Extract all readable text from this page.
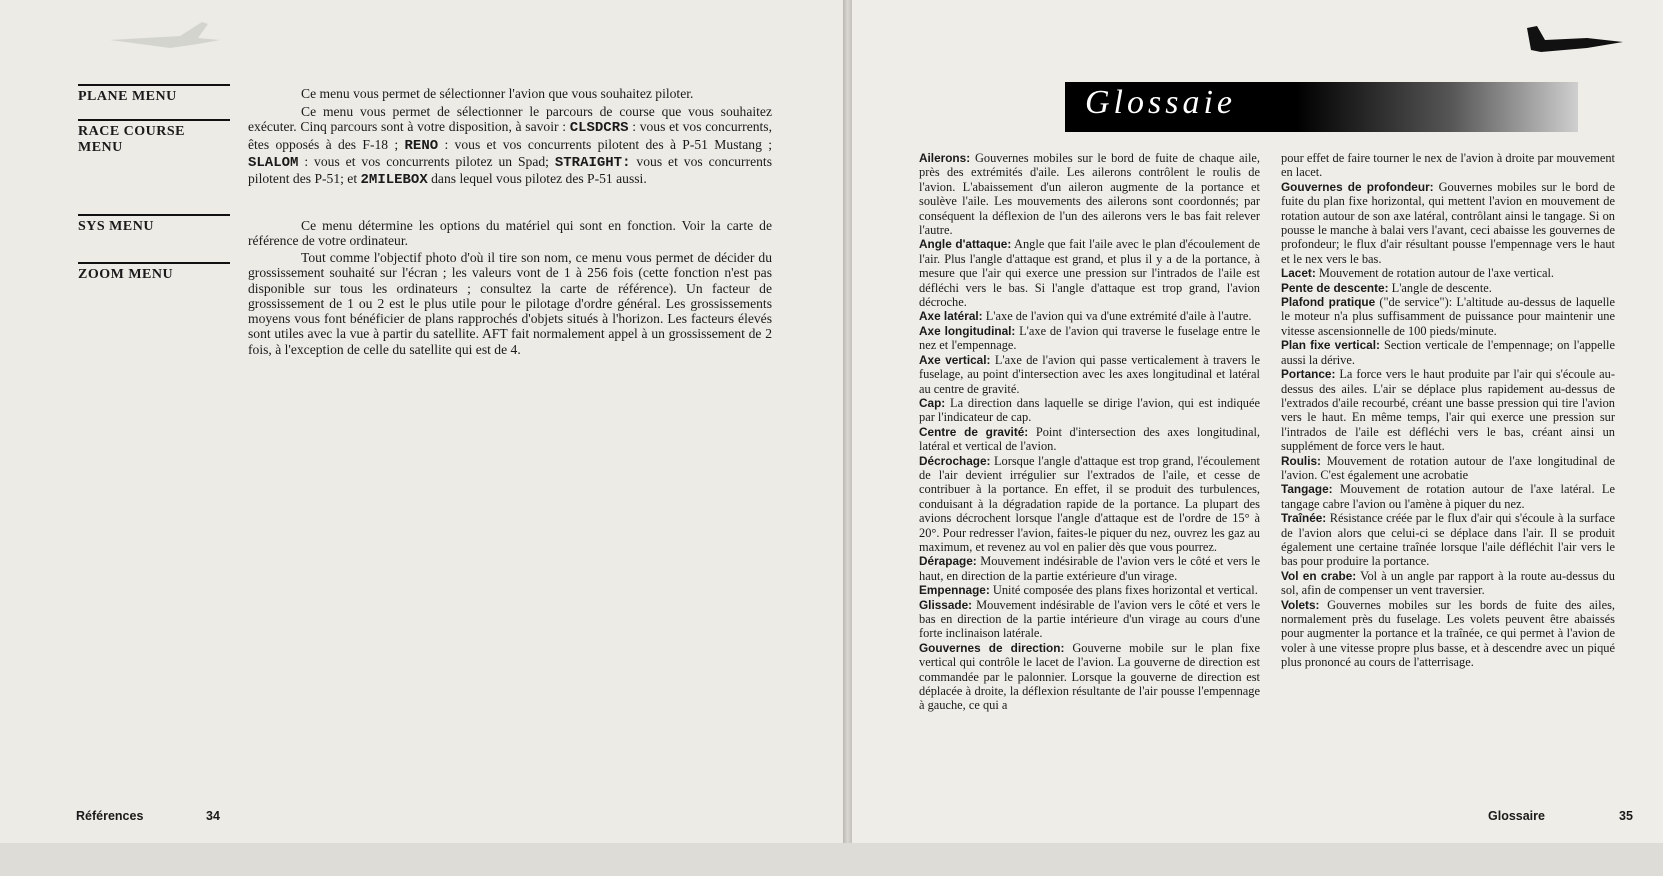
PLANE MENU
RACE COURSE MENU
SYS MENU
ZOOM MENU

Ce menu vous permet de sélectionner l'avion que vous souhaitez piloter.

Ce menu vous permet de sélectionner le parcours de course que vous souhaitez exécuter. Cinq parcours sont à votre disposition, à savoir : CLSDCRS : vous et vos concurrents, êtes opposés à des F-18 ; RENO : vous et vos concurrents pilotent des à P-51 Mustang ; SLALOM : vous et vos concurrents pilotez un Spad; STRAIGHT: vous et vos concurrents pilotent des P-51; et 2MILEBOX dans lequel vous pilotez des P-51 aussi.

Ce menu détermine les options du matériel qui sont en fonction. Voir la carte de référence de votre ordinateur.

Tout comme l'objectif photo d'où il tire son nom, ce menu vous permet de décider du grossissement souhaité sur l'écran ; les valeurs vont de 1 à 256 fois (cette fonction n'est pas disponible sur tous les ordinateurs ; consultez la carte de référence). Un facteur de grossissement de 1 ou 2 est le plus utile pour le pilotage d'ordre général. Les grossissements moyens vous font bénéficier de plans rapprochés d'objets situés à l'horizon. Les facteurs élevés sont utiles avec la vue à partir du satellite. AFT fait normalement appel à un grossissement de 2 fois, à l'exception de celle du satellite qui est de 4.

Références	34

Ailerons: Gouvernes mobiles sur le bord de fuite de chaque aile, près des extrémités d'aile. Les ailerons contrôlent le roulis de l'avion. L'abaissement d'un aileron augmente de la portance et soulève l'aile. Les mouvements des ailerons sont coordonnés; par conséquent la déflexion de l'un des ailerons vers le bas fait relever l'autre.

Angle d'attaque: Angle que fait l'aile avec le plan d'écoulement de l'air. Plus l'angle d'attaque est grand, et plus il y a de la portance, à mesure que l'air qui exerce une pression sur l'intrados de l'aile est défléchi vers le bas. Si l'angle d'attaque est trop grand, l'avion décroche.

Axe latéral: L'axe de l'avion qui va d'une extrémité d'aile à l'autre.

Axe longitudinal: L'axe de l'avion qui traverse le fuselage entre le nez et l'empennage.

Axe vertical: L'axe de l'avion qui passe verticalement à travers le fuselage, au point d'intersection avec les axes longitudinal et latéral au centre de gravité.

Cap: La direction dans laquelle se dirige l'avion, qui est indiquée par l'indicateur de cap.

Centre de gravité: Point d'intersection des axes longitudinal, latéral et vertical de l'avion.

Décrochage: Lorsque l'angle d'attaque est trop grand, l'écoulement de l'air devient irrégulier sur l'extrados de l'aile, et cesse de contribuer à la portance. En effet, il se produit des turbulences, conduisant à la dégradation rapide de la portance. La plupart des avions décrochent lorsque l'angle d'attaque est de l'ordre de 15° à 20°. Pour redresser l'avion, faites-le piquer du nez, ouvrez les gaz au maximum, et revenez au vol en palier dès que vous pourrez.

Dérapage: Mouvement indésirable de l'avion vers le côté et vers le haut, en direction de la partie extérieure d'un virage.

Empennage: Unité composée des plans fixes horizontal et vertical.

Glissade: Mouvement indésirable de l'avion vers le côté et vers le bas en direction de la partie intérieure d'un virage au cours d'une forte inclinaison latérale.

Gouvernes de direction: Gouverne mobile sur le plan fixe vertical qui contrôle le lacet de l'avion. La gouverne de direction est commandée par le palonnier. Lorsque la gouverne de direction est déplacée à droite, la déflexion résultante de l'air pousse l'empennage à gauche, ce qui a

pour effet de faire tourner le nex de l'avion à droite par mouvement en lacet.

Gouvernes de profondeur: Gouvernes mobiles sur le bord de fuite du plan fixe horizontal, qui mettent l'avion en mouvement de rotation autour de son axe latéral, contrôlant ainsi le tangage. Si on pousse le manche à balai vers l'avant, ceci abaisse les gouvernes de profondeur; le flux d'air résultant pousse l'empennage vers le haut et le nex vers le bas.

Lacet: Mouvement de rotation autour de l'axe vertical.

Pente de descente: L'angle de descente.

Plafond pratique ("de service"): L'altitude au-dessus de laquelle le moteur n'a plus suffisamment de puissance pour maintenir une vitesse ascensionnelle de 100 pieds/minute.

Plan fixe vertical: Section verticale de l'empennage; on l'appelle aussi la dérive.

Portance: La force vers le haut produite par l'air qui s'écoule au-dessus des ailes. L'air se déplace plus rapidement au-dessus de l'extrados d'aile recourbé, créant une basse pression qui tire l'avion vers le haut. En même temps, l'air qui exerce une pression sur l'intrados de l'aile est défléchi vers le bas, créant ainsi un supplément de force vers le haut.

Roulis: Mouvement de rotation autour de l'axe longitudinal de l'avion. C'est également une acrobatie

Tangage: Mouvement de rotation autour de l'axe latéral. Le tangage cabre l'avion ou l'amène à piquer du nez.

Traînée: Résistance créée par le flux d'air qui s'écoule à la surface de l'avion alors que celui-ci se déplace dans l'air. Il se produit également une certaine traînée lorsque l'aile défléchit l'air vers le bas pour produire la portance.

Vol en crabe: Vol à un angle par rapport à la route au-dessus du sol, afin de compenser un vent traversier.

Volets: Gouvernes mobiles sur les bords de fuite des ailes, normalement près du fuselage. Les volets peuvent être abaissés pour augmenter la portance et la traînée, ce qui permet à l'avion de voler à une vitesse propre plus basse, et à descendre avec un piqué plus prononcé au cours de l'atterrisage.

Glossaire	35
Glossaie
